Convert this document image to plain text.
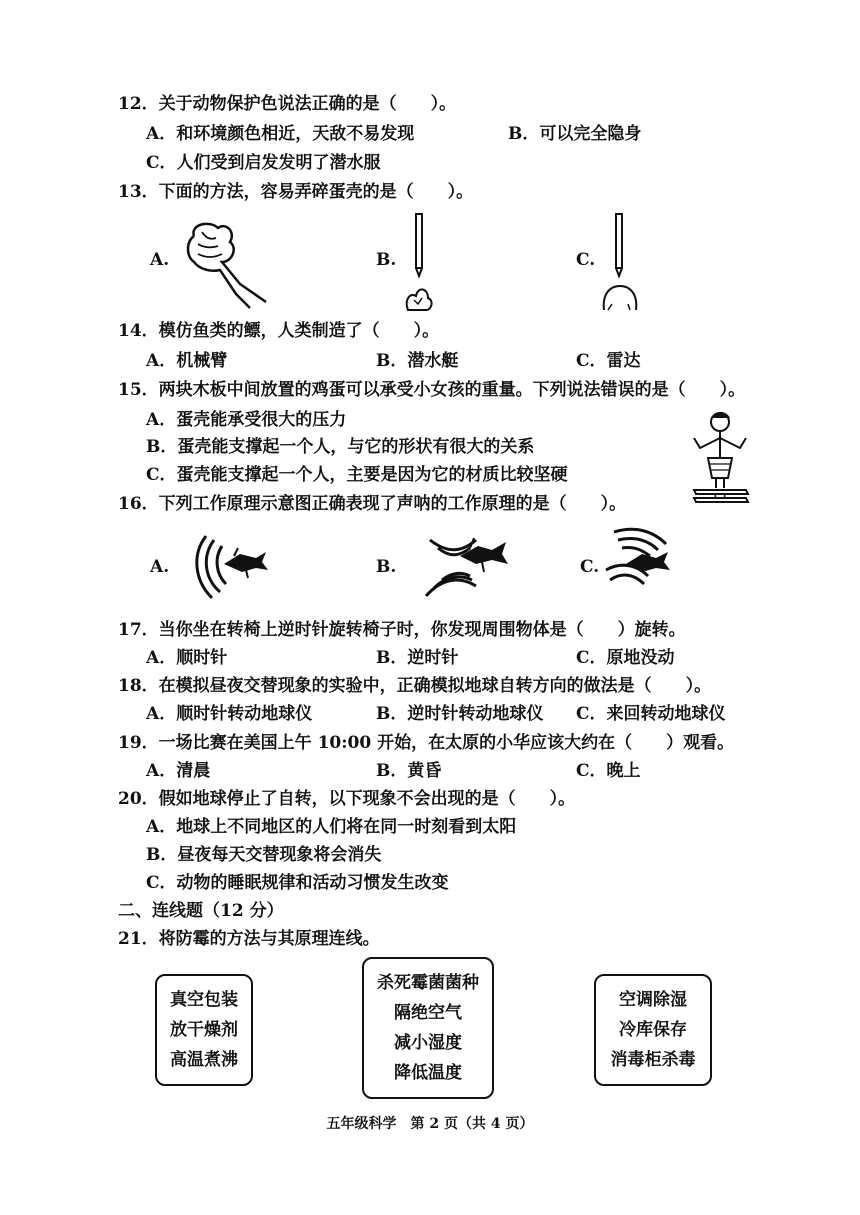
12．关于动物保护色说法正确的是（　　）。
A．和环境颜色相近，天敌不易发现	B．可以完全隐身
C．人们受到启发发明了潜水服
13．下面的方法，容易弄碎蛋壳的是（　　）。
A.	B.	C.
14．模仿鱼类的鳔，人类制造了（　　）。
A．机械臂	B．潜水艇	C．雷达
15．两块木板中间放置的鸡蛋可以承受小女孩的重量。下列说法错误的是（　　）。
A．蛋壳能承受很大的压力
B．蛋壳能支撑起一个人，与它的形状有很大的关系
C．蛋壳能支撑起一个人，主要是因为它的材质比较坚硬
16．下列工作原理示意图正确表现了声呐的工作原理的是（　　）。
A.	B.	C.
17．当你坐在转椅上逆时针旋转椅子时，你发现周围物体是（　　）旋转。
A．顺时针	B．逆时针	C．原地没动
18．在模拟昼夜交替现象的实验中，正确模拟地球自转方向的做法是（　　）。
A．顺时针转动地球仪	B．逆时针转动地球仪 C．来回转动地球仪
19．一场比赛在美国上午 10:00 开始，在太原的小华应该大约在（　　）观看。
A．清晨	B．黄昏	C．晚上
20．假如地球停止了自转，以下现象不会出现的是（　　）。
A．地球上不同地区的人们将在同一时刻看到太阳
B．昼夜每天交替现象将会消失
C．动物的睡眠规律和活动习惯发生改变
二、连线题（12 分）
21．将防霉的方法与其原理连线。
真空包装
放干燥剂
高温煮沸
杀死霉菌菌种
隔绝空气
减小湿度
降低温度
空调除湿
冷库保存
消毒柜杀毒
五年级科学　第 2 页（共 4 页）
